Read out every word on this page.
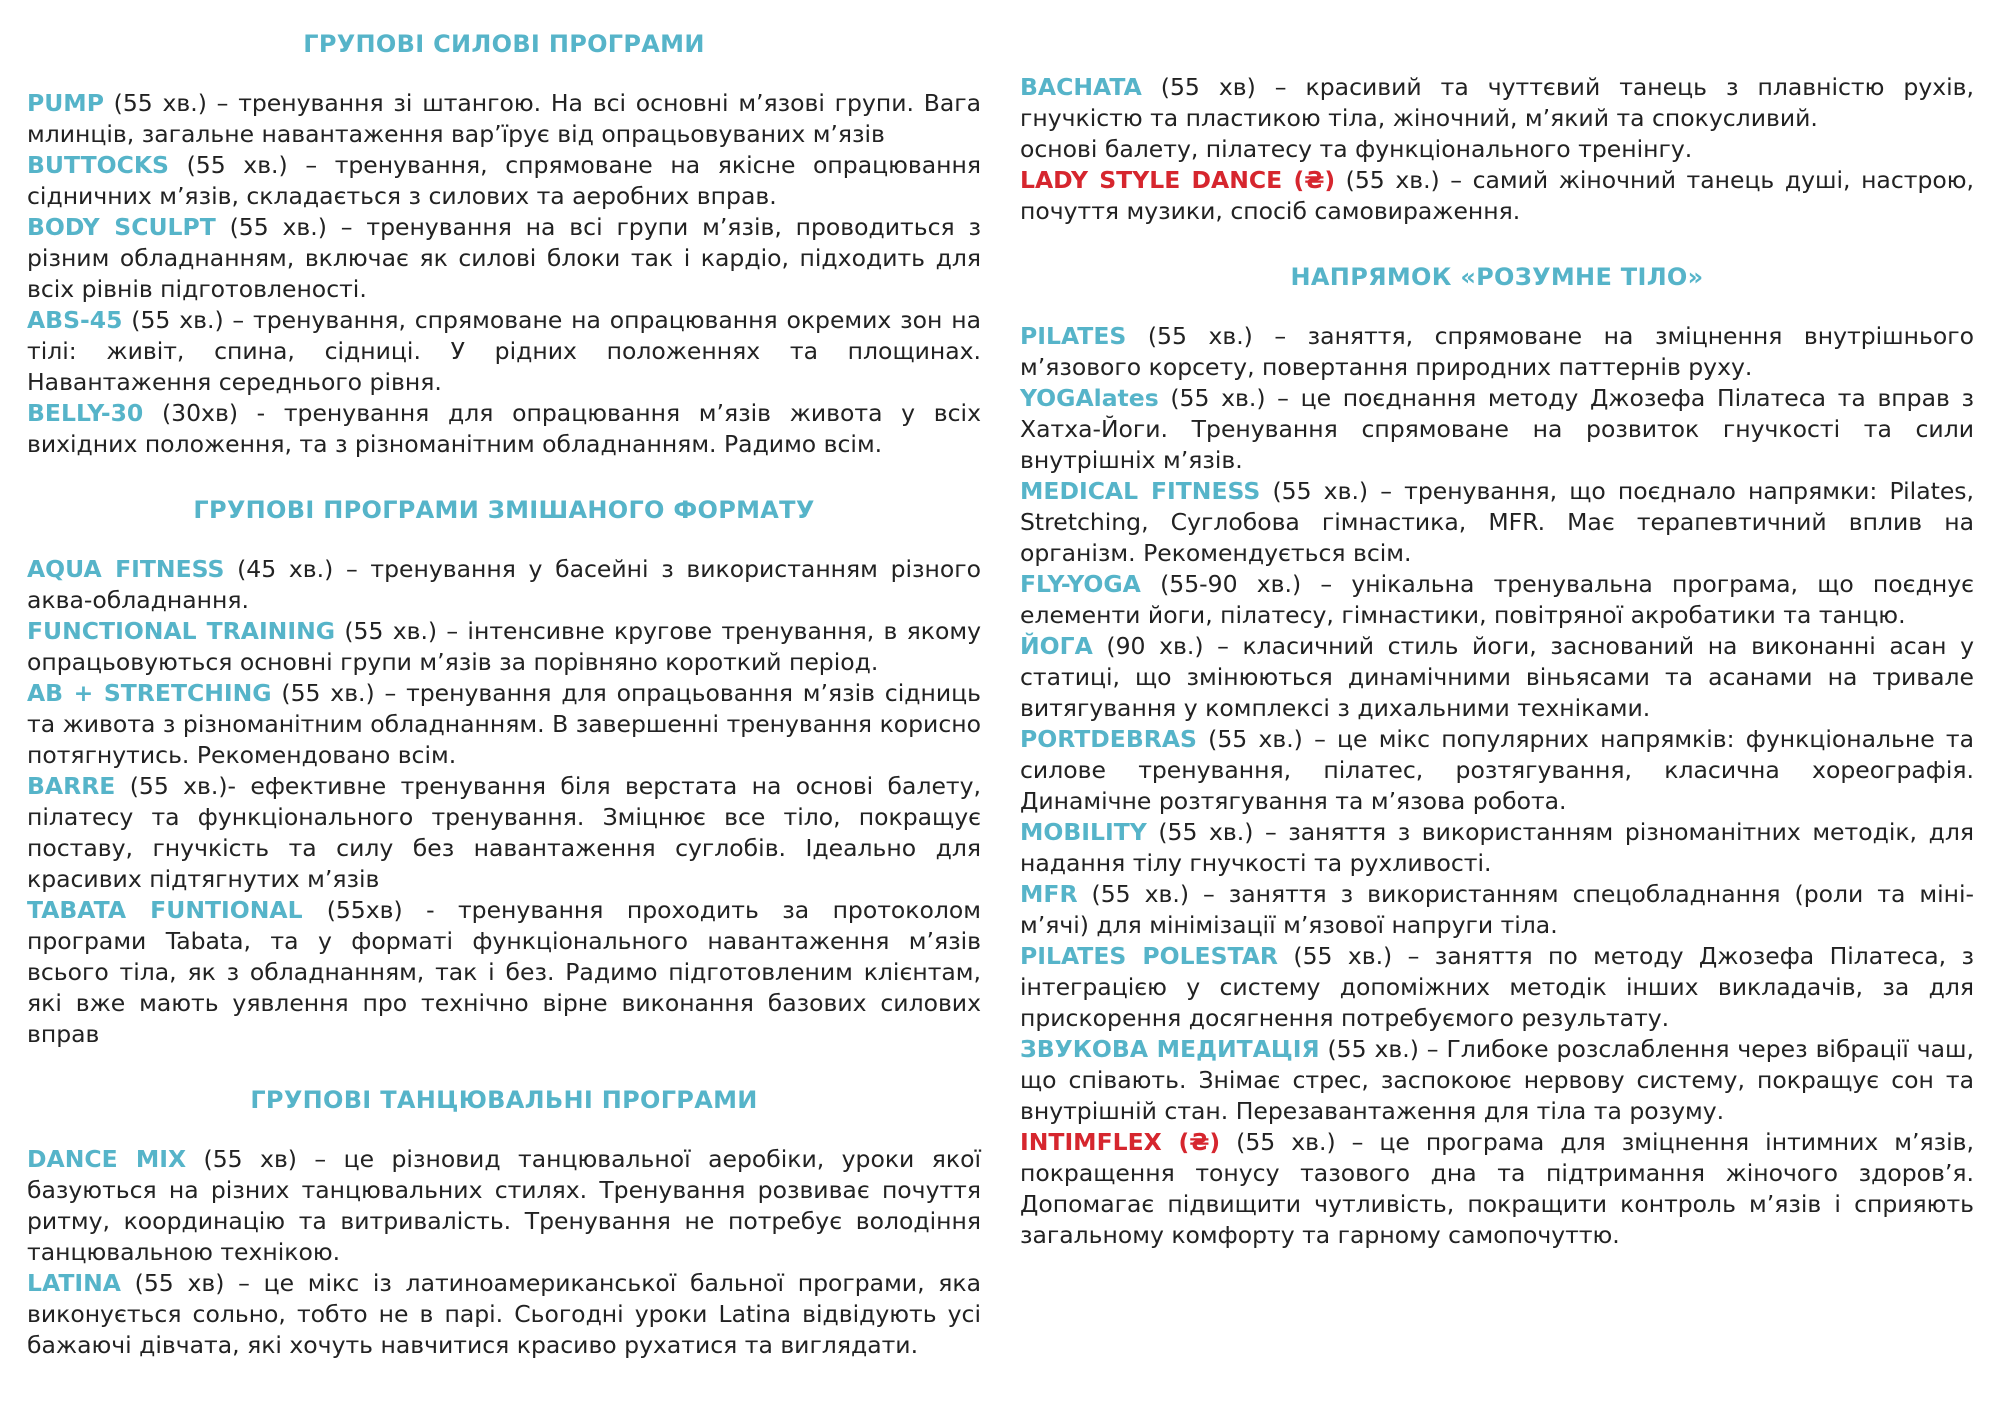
ГРУПОВІ СИЛОВІ ПРОГРАМИ
PUMP (55 хв.) – тренування зі штангою. На всі основні м’язові групи. Вага млинців, загальне навантаження вар’їрує від опрацьовуваних м’язів
BUTTOCKS (55 хв.) – тренування, спрямоване на якісне опрацювання сідничних м’язів, складається з силових та аеробних вправ.
BODY SCULPT (55 хв.) – тренування на всі групи м’язів, проводиться з різним обладнанням, включає як силові блоки так і кардіо, підходить для всіх рівнів підготовленості.
ABS-45 (55 хв.) – тренування, спрямоване на опрацювання окремих зон на тілі: живіт, спина, сідниці. У рідних положеннях та площинах. Навантаження середнього рівня.
BELLY-30 (30хв) - тренування для опрацювання м’язів живота у всіх вихідних положення, та з різноманітним обладнанням. Радимо всім.
ГРУПОВІ ПРОГРАМИ ЗМІШАНОГО ФОРМАТУ
AQUA FITNESS (45 хв.) – тренування у басейні з використанням різного аква-обладнання.
FUNCTIONAL TRAINING (55 хв.) – інтенсивне кругове тренування, в якому опрацьовуються основні групи м’язів за порівняно короткий період.
AB + STRETCHING (55 хв.) – тренування для опрацьовання м’язів сідниць та живота з різноманітним обладнанням. В завершенні тренування корисно потягнутись. Рекомендовано всім.
BARRE (55 хв.)- ефективне тренування біля верстата на основі балету, пілатесу та функціонального тренування. Зміцнює все тіло, покращує поставу, гнучкість та силу без навантаження суглобів. Ідеально для красивих підтягнутих м’язів
TABATA FUNTIONAL (55хв) - тренування проходить за протоколом програми Tabata, та у форматі функціонального навантаження м’язів всього тіла, як з обладнанням, так і без. Радимо підготовленим клієнтам, які вже мають уявлення про технічно вірне виконання базових силових вправ
ГРУПОВІ ТАНЦЮВАЛЬНІ ПРОГРАМИ
DANCE MIX (55 хв) – це різновид танцювальної аеробіки, уроки якої базуються на різних танцювальних стилях. Тренування розвиває почуття ритму, координацію та витривалість. Тренування не потребує володіння танцювальною технікою.
LATINA (55 хв) – це мікс із латиноамериканської бальної програми, яка виконується сольно, тобто не в парі. Сьогодні уроки Latina відвідують усі бажаючі дівчата, які хочуть навчитися красиво рухатися та виглядати.
BACHATA (55 хв) – красивий та чуттєвий танець з плавністю рухів, гнучкістю та пластикою тіла, жіночний, м’який та спокусливий.
основі балету, пілатесу та функціонального тренінгу.
LADY STYLE DANCE (₴) (55 хв.) – самий жіночний танець душі, настрою, почуття музики, спосіб самовираження.
НАПРЯМОК «РОЗУМНЕ ТІЛО»
PILATES (55 хв.) – заняття, спрямоване на зміцнення внутрішнього м’язового корсету, повертання природних паттернів руху.
YOGAlates (55 хв.) – це поєднання методу Джозефа Пілатеса та вправ з Хатха-Йоги. Тренування спрямоване на розвиток гнучкості та сили внутрішніх м’язів.
MEDICAL FITNESS (55 хв.) – тренування, що поєднало напрямки: Pilates, Stretching, Суглобова гімнастика, MFR. Має терапевтичний вплив на організм. Рекомендується всім.
FLY-YOGA (55-90 хв.) – унікальна тренувальна програма, що поєднує елементи йоги, пілатесу, гімнастики, повітряної акробатики та танцю.
ЙОГА (90 хв.) – класичний стиль йоги, заснований на виконанні асан у статиці, що змінюються динамічними віньясами та асанами на тривале витягування у комплексі з дихальними техніками.
PORTDEBRAS (55 хв.) – це мікс популярних напрямків: функціональне та силове тренування, пілатес, розтягування, класична хореографія. Динамічне розтягування та м’язова робота.
MOBILITY (55 хв.) – заняття з використанням різноманітних методік, для надання тілу гнучкості та рухливості.
MFR (55 хв.) – заняття з використанням спецобладнання (роли та міні-м’ячі) для мінімізації м’язової напруги тіла.
PILATES POLESTAR (55 хв.) – заняття по методу Джозефа Пілатеса, з інтеграцією у систему допоміжних методік інших викладачів, за для прискорення досягнення потребуємого результату.
ЗВУКОВА МЕДИТАЦІЯ (55 хв.) – Глибоке розслаблення через вібрації чаш, що співають. Знімає стрес, заспокоює нервову систему, покращує сон та внутрішній стан. Перезавантаження для тіла та розуму.
INTIMFLEX (₴) (55 хв.) – це програма для зміцнення інтимних м’язів, покращення тонусу тазового дна та підтримання жіночого здоров’я. Допомагає підвищити чутливість, покращити контроль м’язів і сприяють загальному комфорту та гарному самопочуттю.
